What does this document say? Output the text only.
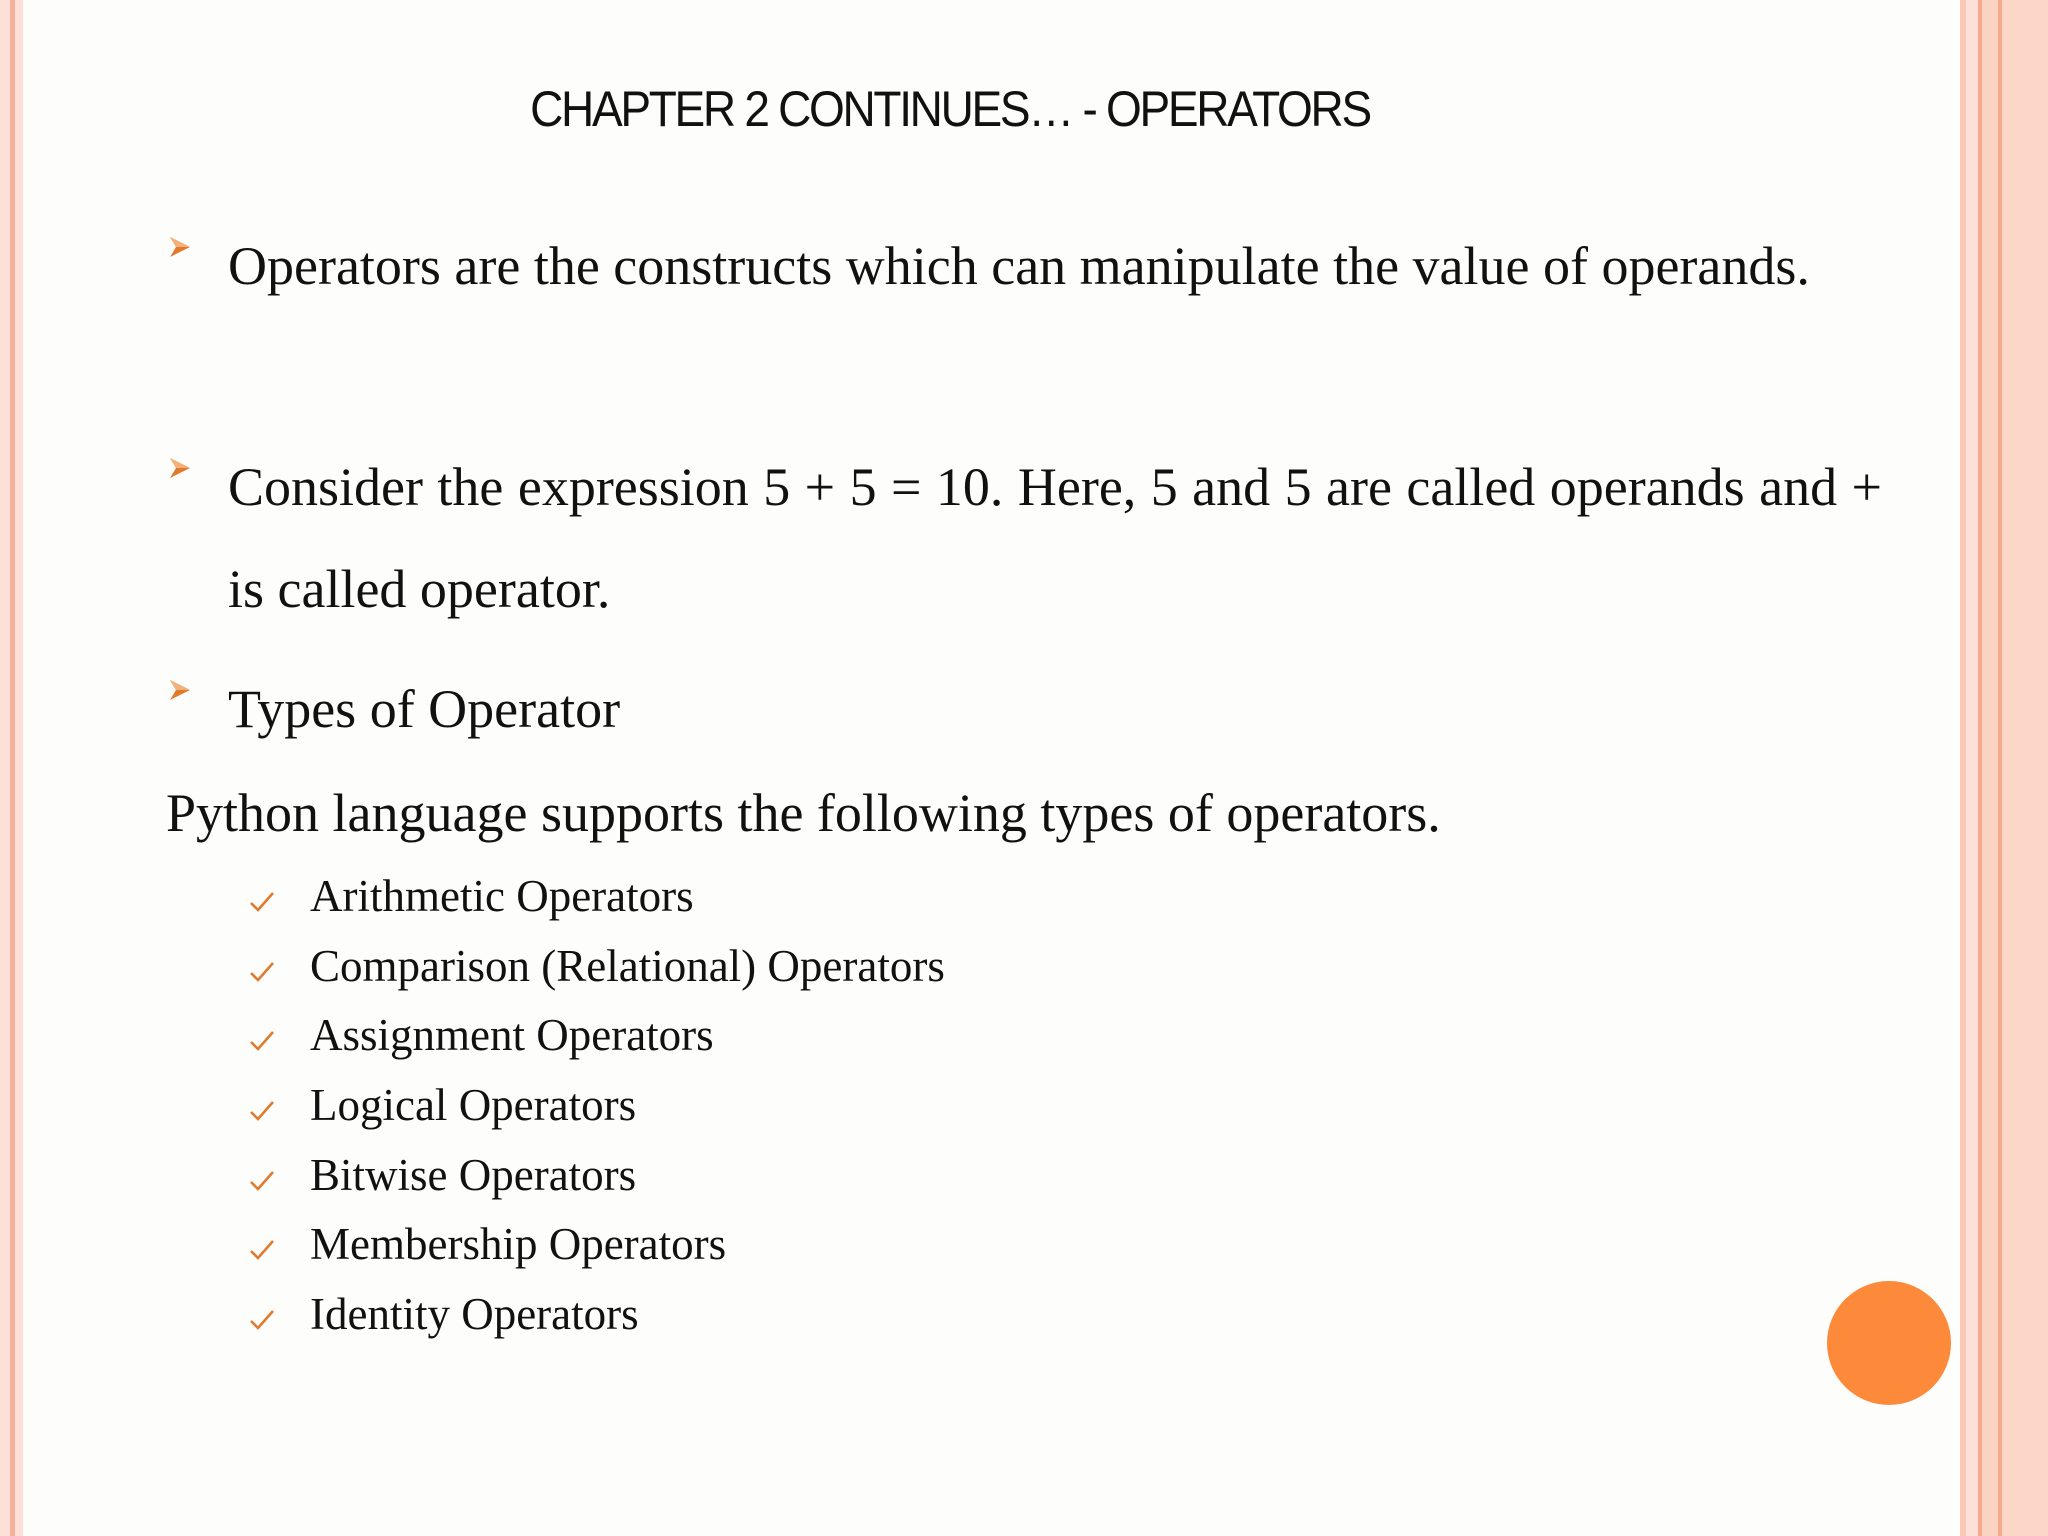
CHAPTER 2 CONTINUES… - OPERATORS
Operators are the constructs which can manipulate the value of operands.
Consider the expression 5 + 5 = 10. Here, 5 and 5 are called operands and + is called operator.
Types of Operator
Python language supports the following types of operators.
Arithmetic Operators
Comparison (Relational) Operators
Assignment Operators
Logical Operators
Bitwise Operators
Membership Operators
Identity Operators
